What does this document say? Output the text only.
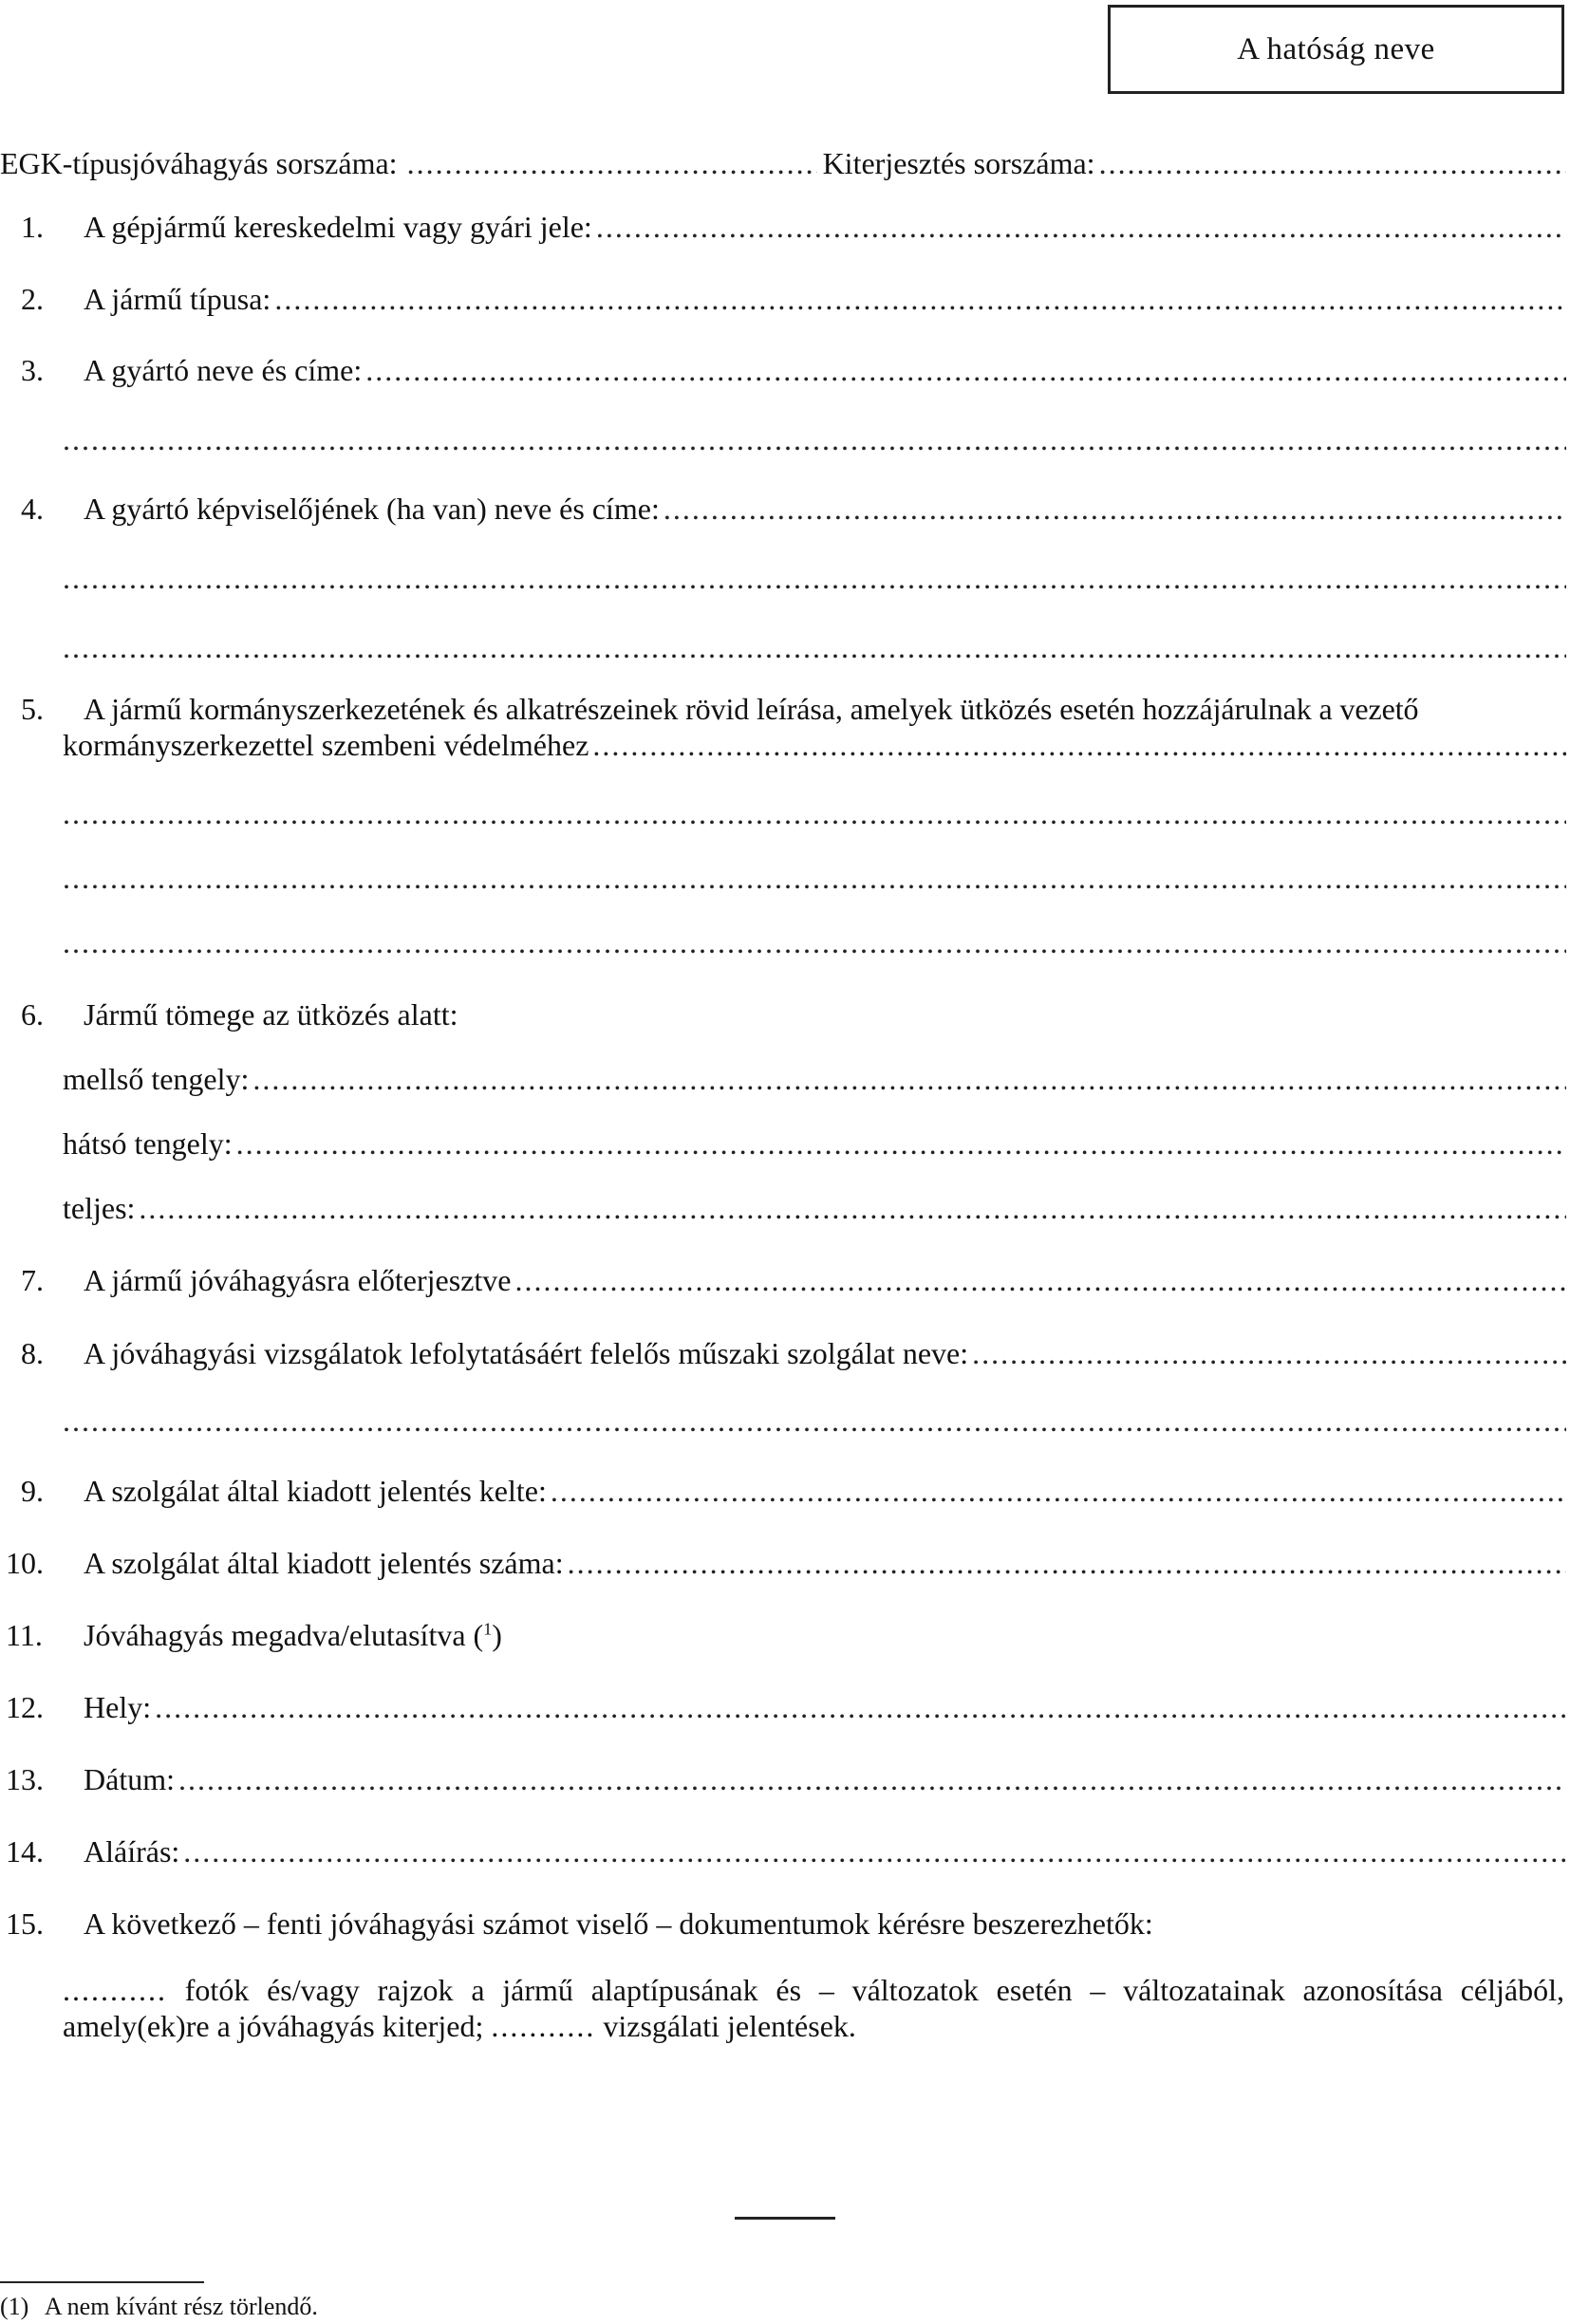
A hatóság neve
EGK-típusjóváhagyás sorszáma:
.....	Kiterjesztés sorszáma:
.....
1.	A gépjármű kereskedelmi vagy gyári jele:
.....
2.	A jármű típusa:
.....
3.	A gyártó neve és címe:
.....
.....
4.	A gyártó képviselőjének (ha van) neve és címe:
.....
.....
.....
5.	A jármű kormányszerkezetének és alkatrészeinek rövid leírása, amelyek ütközés esetén hozzájárulnak a vezető
kormányszerkezettel szembeni védelméhez
.....
.....
.....
.....
6.	Jármű tömege az ütközés alatt:
mellső tengely:
.....
hátsó tengely:
.....
teljes:
.....
7.	A jármű jóváhagyásra előterjesztve
.....
8.	A jóváhagyási vizsgálatok lefolytatásáért felelős műszaki szolgálat neve:
.....
.....
9.	A szolgálat által kiadott jelentés kelte:
.....
10.	A szolgálat által kiadott jelentés száma:
.....
11.	Jóváhagyás megadva/elutasítva ($^1$)
12.	Hely:
.....
13.	Dátum:
.....
14.	Aláírás:
.....
15.	A következő – fenti jóváhagyási számot viselő – dokumentumok kérésre beszerezhetők:
........... fotók és/vagy rajzok a jármű alaptípusának és – változatok esetén – változatainak azonosítása céljából, amely(ek)re a jóváhagyás kiterjed; ........... vizsgálati jelentések.
(1) A nem kívánt rész törlendő.
